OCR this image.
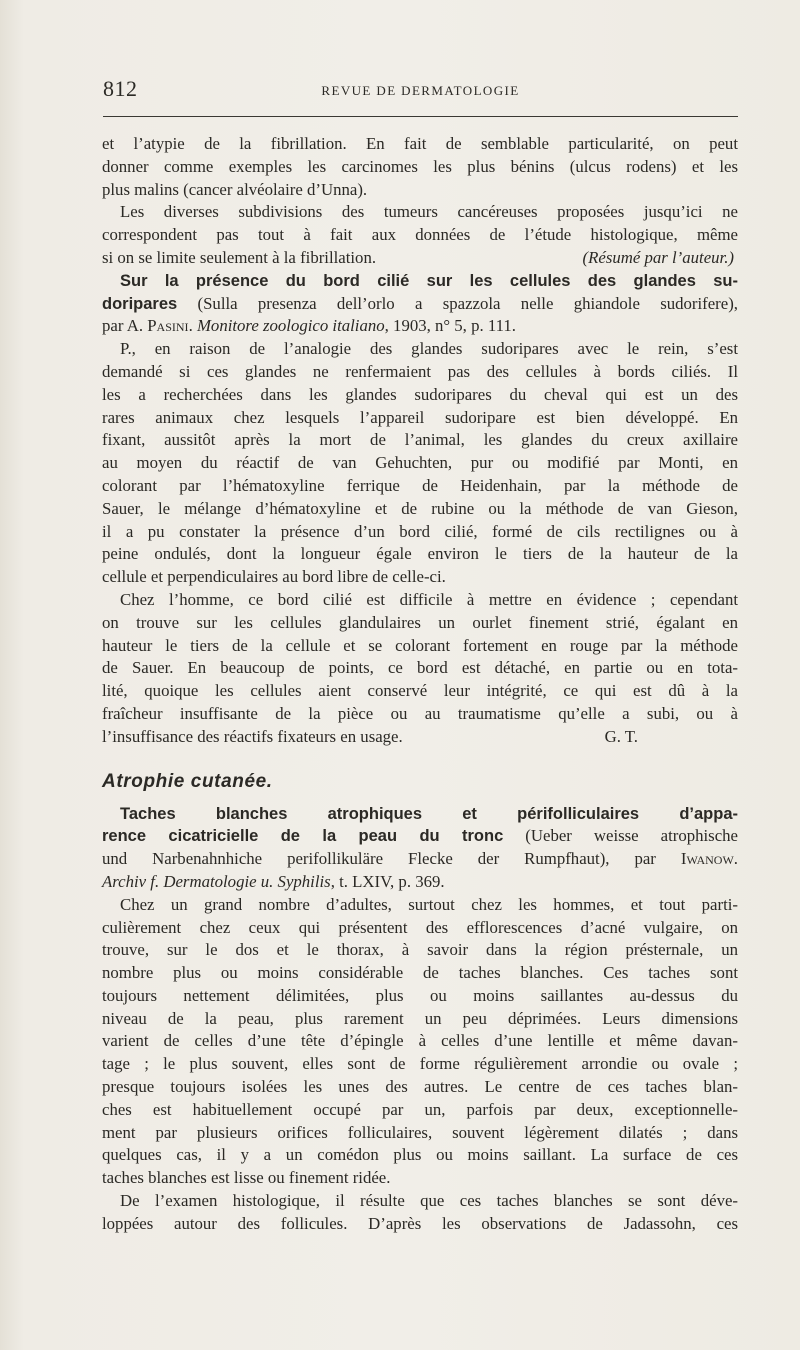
812	REVUE DE DERMATOLOGIE
et l’atypie de la fibrillation. En fait de semblable particularité, on peut
donner comme exemples les carcinomes les plus bénins (ulcus rodens) et les
plus malins (cancer alvéolaire d’Unna).
Les diverses subdivisions des tumeurs cancéreuses proposées jusqu’ici ne
correspondent pas tout à fait aux données de l’étude histologique, même
si on se limite seulement à la fibrillation.	(Résumé par l’auteur.)
Sur la présence du bord cilié sur les cellules des glandes su-
doripares (Sulla presenza dell’orlo a spazzola nelle ghiandole sudorifere),
par A. Pasini. Monitore zoologico italiano, 1903, n° 5, p. 111.
P., en raison de l’analogie des glandes sudoripares avec le rein, s’est
demandé si ces glandes ne renfermaient pas des cellules à bords ciliés. Il
les a recherchées dans les glandes sudoripares du cheval qui est un des
rares animaux chez lesquels l’appareil sudoripare est bien développé. En
fixant, aussitôt après la mort de l’animal, les glandes du creux axillaire
au moyen du réactif de van Gehuchten, pur ou modifié par Monti, en
colorant par l’hématoxyline ferrique de Heidenhain, par la méthode de
Sauer, le mélange d’hématoxyline et de rubine ou la méthode de van Gieson,
il a pu constater la présence d’un bord cilié, formé de cils rectilignes ou à
peine ondulés, dont la longueur égale environ le tiers de la hauteur de la
cellule et perpendiculaires au bord libre de celle-ci.
Chez l’homme, ce bord cilié est difficile à mettre en évidence ; cependant
on trouve sur les cellules glandulaires un ourlet finement strié, égalant en
hauteur le tiers de la cellule et se colorant fortement en rouge par la méthode
de Sauer. En beaucoup de points, ce bord est détaché, en partie ou en tota-
lité, quoique les cellules aient conservé leur intégrité, ce qui est dû à la
fraîcheur insuffisante de la pièce ou au traumatisme qu’elle a subi, ou à
l’insuffisance des réactifs fixateurs en usage.	G. T.
Atrophie cutanée.
Taches blanches atrophiques et périfolliculaires d’appa-
rence cicatricielle de la peau du tronc (Ueber weisse atrophische
und Narbenahnhiche perifollikuläre Flecke der Rumpfhaut), par Iwanow.
Archiv f. Dermatologie u. Syphilis, t. LXIV, p. 369.
Chez un grand nombre d’adultes, surtout chez les hommes, et tout parti-
culièrement chez ceux qui présentent des efflorescences d’acné vulgaire, on
trouve, sur le dos et le thorax, à savoir dans la région présternale, un
nombre plus ou moins considérable de taches blanches. Ces taches sont
toujours nettement délimitées, plus ou moins saillantes au-dessus du
niveau de la peau, plus rarement un peu déprimées. Leurs dimensions
varient de celles d’une tête d’épingle à celles d’une lentille et même davan-
tage ; le plus souvent, elles sont de forme régulièrement arrondie ou ovale ;
presque toujours isolées les unes des autres. Le centre de ces taches blan-
ches est habituellement occupé par un, parfois par deux, exceptionnelle-
ment par plusieurs orifices folliculaires, souvent légèrement dilatés ; dans
quelques cas, il y a un comédon plus ou moins saillant. La surface de ces
taches blanches est lisse ou finement ridée.
De l’examen histologique, il résulte que ces taches blanches se sont déve-
loppées autour des follicules. D’après les observations de Jadassohn, ces
